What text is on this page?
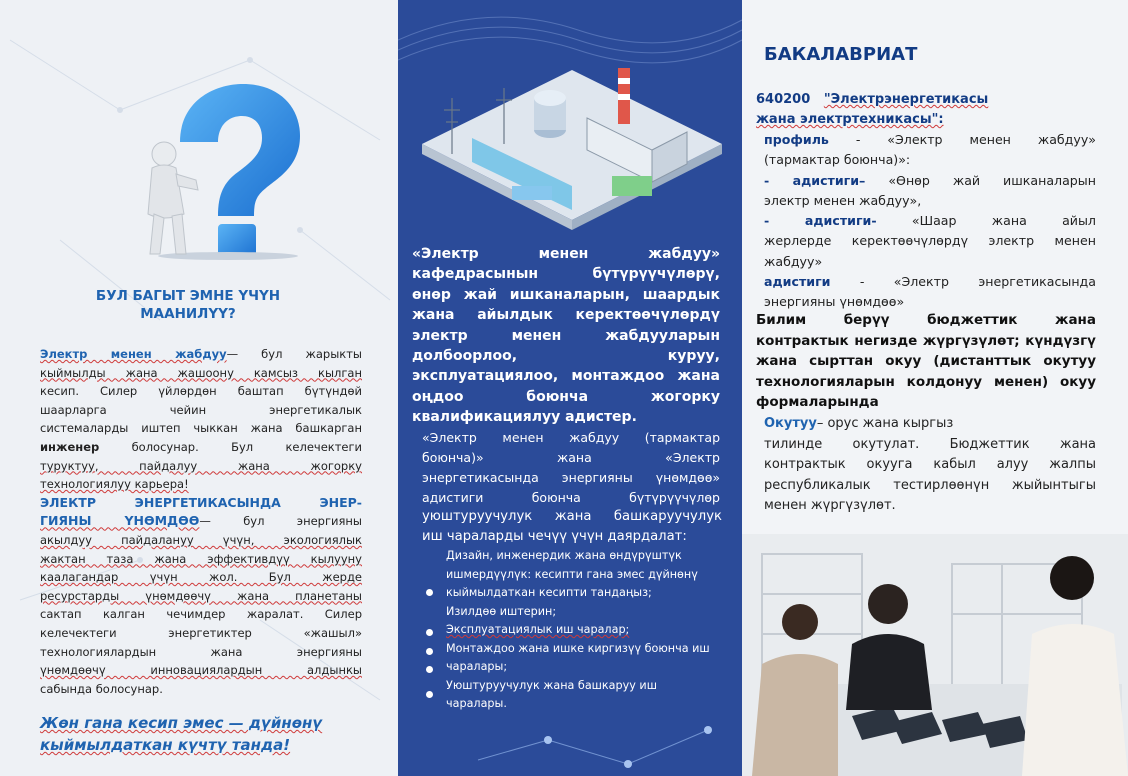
БУЛ БАГЫТ ЭМНЕ ҮЧҮН
МААНИЛҮҮ?
Электр менен жабдуу— бул жарыкты
кыймылды жана жашоону камсыз кылган
кесип. Силер үйлөрдөн баштап бүтүндөй
шаарларга чейин энергетикалык
системаларды иштеп чыккан жана башкарган
инженер	болосунар. Бул келечектеги
туруктуу, пайдалуу жана жогорку
технологиялуу карьера!
ЭЛЕКТР ЭНЕРГЕТИКАСЫНДА ЭНЕР-
ГИЯНЫ ҮНӨМДӨӨ— бул энергияны
акылдуу пайдалануу үчүн, экологиялык
жактан таза жана эффективдүү кылууну
каалагандар үчүн жол. Бул жерде
ресурстарды үнөмдөөчү жана планетаны
сактап калган чечимдер жаралат. Силер
келечектеги энергетиктер «жашыл»
технологиялардын жана энергияны
үнөмдөөчү инновациялардын алдынкы
сабында болосунар.
Жөн гана кесип эмес — дүйнөнү
кыймылдаткан күчтү танда!
«Электр менен жабдуу»
кафедрасынын бүтүрүүчүлөрү,
өнөр жай ишканаларын, шаардык
жана айылдык керектөөчүлөрдү
электр менен жабдууларын
долбоорлоо, куруу,
эксплуатациялоо, монтаждоо жана
оңдоо боюнча жогорку
квалификациялуу адистер.
«Электр менен жабдуу (тармактар
боюнча)» жана «Электр
энергетикасында энергияны үнөмдөө»
адистиги боюнча бүтүрүүчүлөр
уюштуруучулук жана башкаруучулук
иш чараларды чечүү үчүн даярдалат:
Дизайн, инженердик жана өндүрүштүк ишмердүүлүк: кесипти гана эмес дүйнөнү кыймылдаткан кесипти тандаңыз;
Изилдөө иштерин;
Эксплуатациялык иш чаралар;
Монтаждоо жана ишке киргизүү боюнча иш чаралары;
Уюштуруучулук жана башкаруу иш чаралары.
БАКАЛАВРИАТ
640200 "Электрэнергетикасы
жана электртехникасы":
профиль - «Электр менен жабдуу»
(тармактар боюнча)»:
- адистиги– «Өнөр жай ишканаларын
электр менен жабдуу»,
- адистиги-	«Шаар жана айыл
жерлерде керектөөчүлөрдү электр менен
жабдуу»
адистиги - «Электр энергетикасында
энергияны үнөмдөө»
Билим берүү бюджеттик жана
контрактык негизде жүргүзүлөт; күндүзгү
жана сырттан окуу (дистанттык окутуу
технологияларын колдонуу менен) окуу
формаларында
Окутуу– орус жана кыргыз
тилинде окутулат. Бюджеттик жана
контрактык окууга кабыл алуу жалпы
республикалык тестирлөөнүн жыйынтыгы
менен жүргүзүлөт.
